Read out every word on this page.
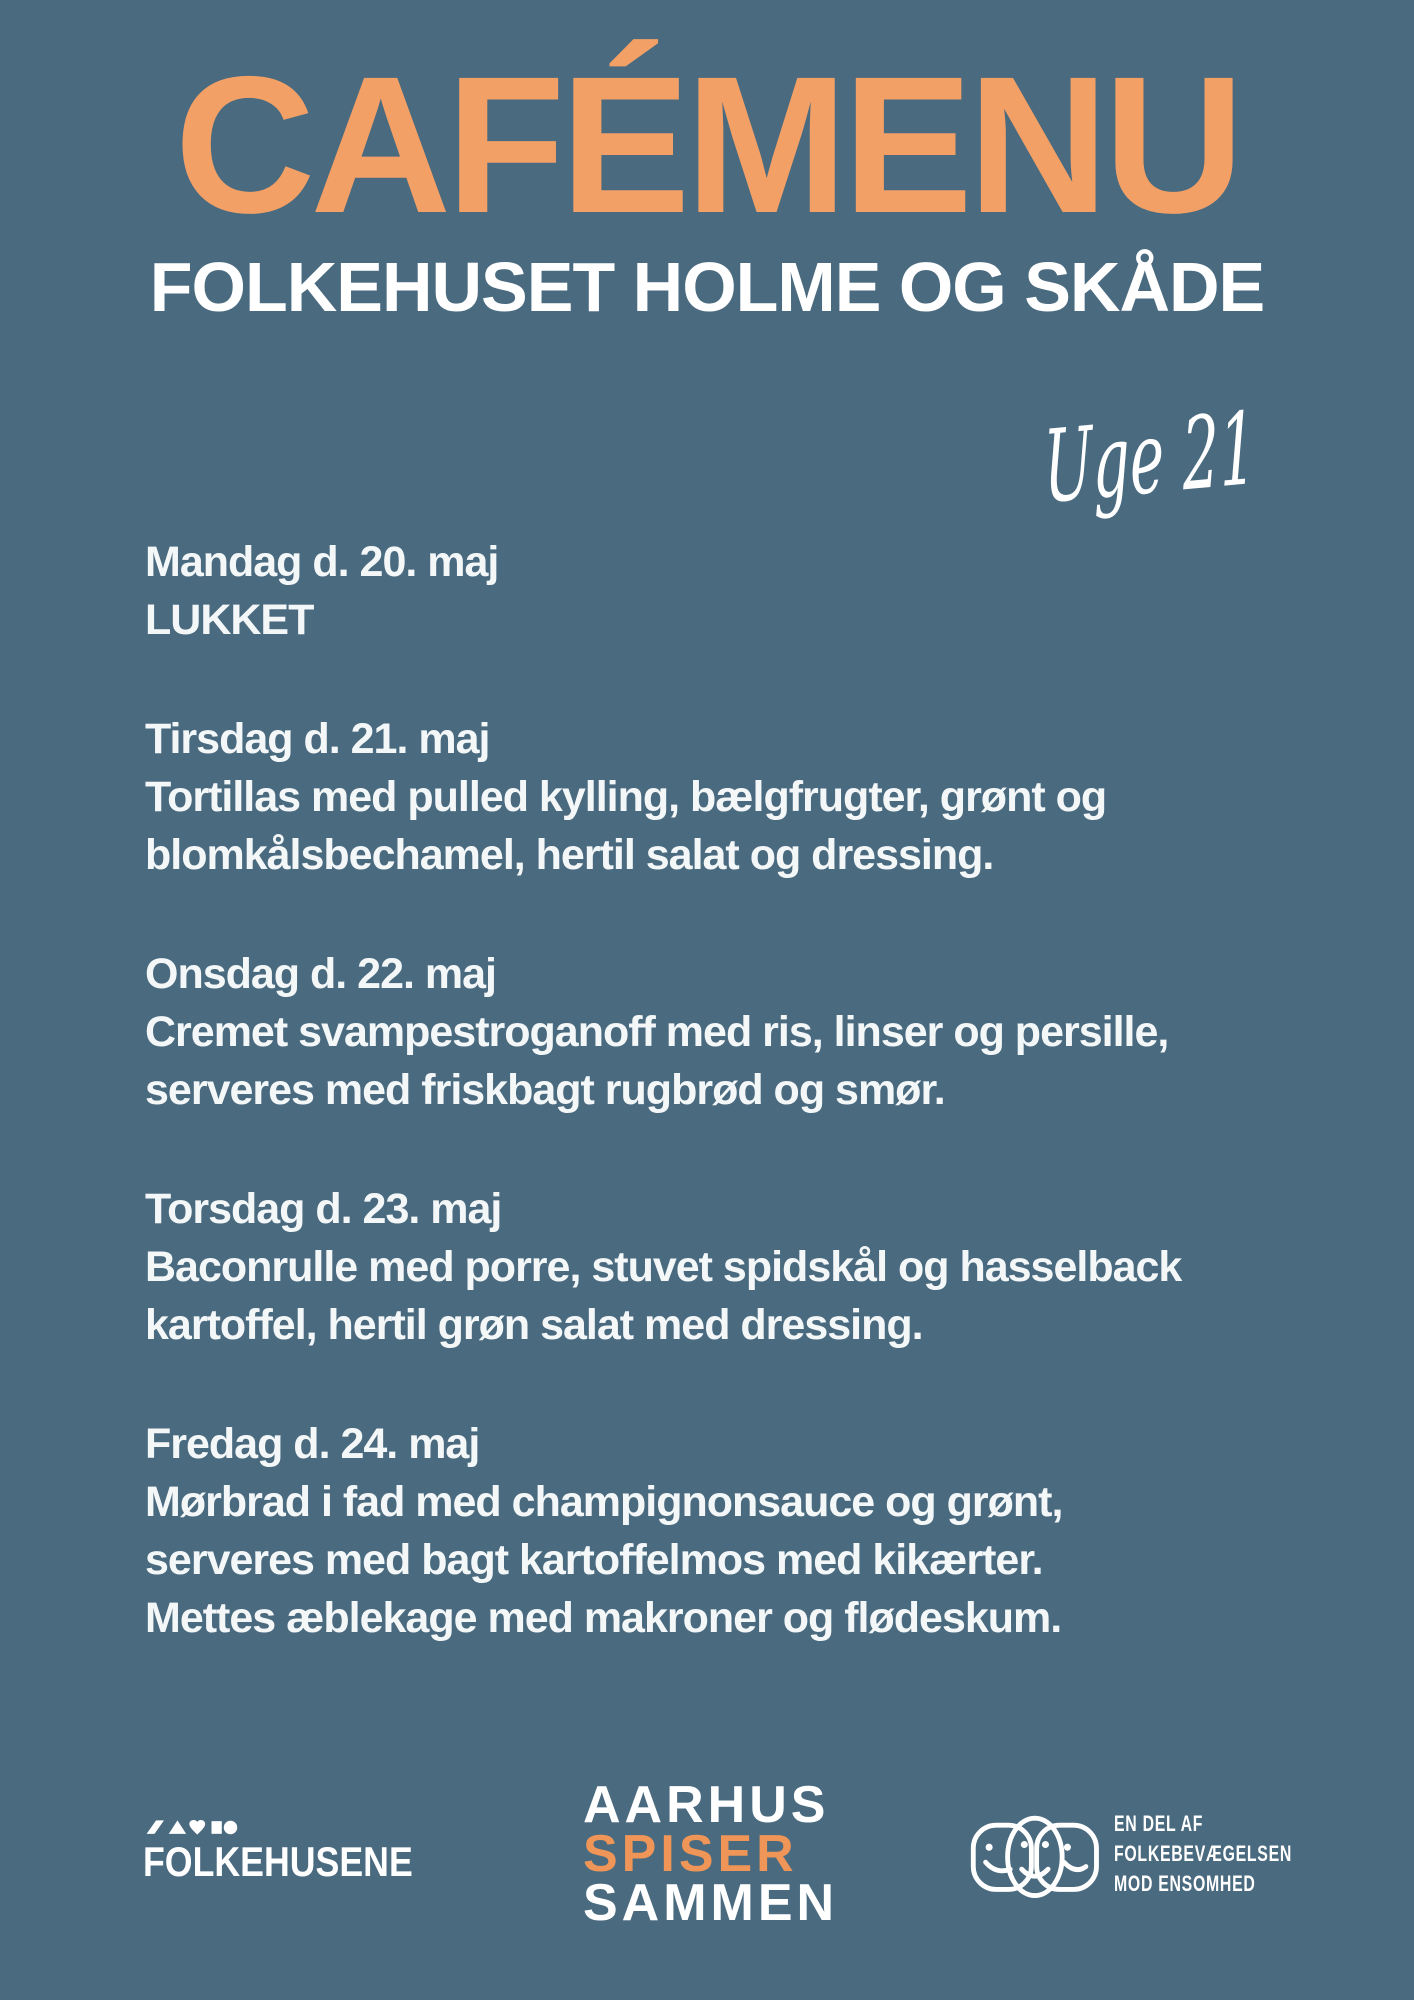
CAFÉMENU
FOLKEHUSET HOLME OG SKÅDE
Uge 21
Mandag d. 20. maj
LUKKET
Tirsdag d. 21. maj
Tortillas med pulled kylling, bælgfrugter, grønt og
blomkålsbechamel, hertil salat og dressing.
Onsdag d. 22. maj
Cremet svampestroganoff med ris, linser og persille,
serveres med friskbagt rugbrød og smør.
Torsdag d. 23. maj
Baconrulle med porre, stuvet spidskål og hasselback
kartoffel, hertil grøn salat med dressing.
Fredag d. 24. maj
Mørbrad i fad med champignonsauce og grønt,
serveres med bagt kartoffelmos med kikærter.
Mettes æblekage med makroner og flødeskum.
FOLKEHUSENE
AARHUS
SPISER
SAMMEN
EN DEL AF
FOLKEBEVÆGELSEN
MOD ENSOMHED
